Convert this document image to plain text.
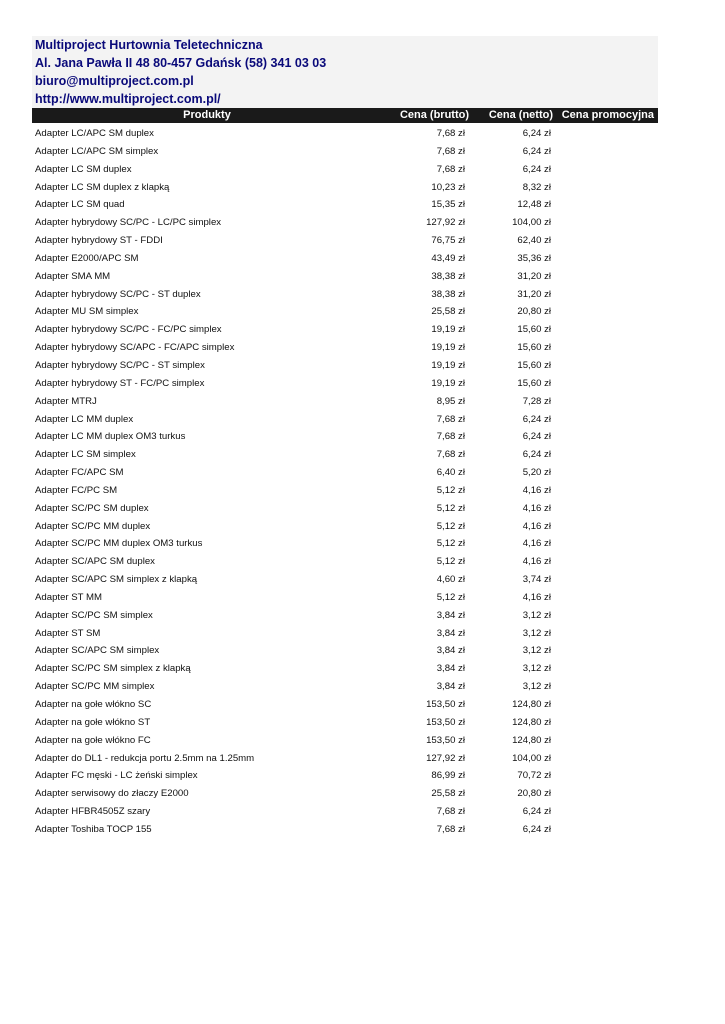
Multiproject Hurtownia Teletechniczna
Al. Jana Pawła II 48 80-457 Gdańsk (58) 341 03 03
biuro@multiproject.com.pl
http://www.multiproject.com.pl/
Produkty	Cena (brutto)	Cena (netto) Cena promocyjna
Adapter LC/APC SM duplex	7,68 zł	6,24 zł
Adapter LC/APC SM simplex	7,68 zł	6,24 zł
Adapter LC SM duplex	7,68 zł	6,24 zł
Adapter LC SM duplex z klapką	10,23 zł	8,32 zł
Adapter LC SM quad	15,35 zł	12,48 zł
Adapter hybrydowy SC/PC - LC/PC simplex	127,92 zł	104,00 zł
Adapter hybrydowy ST - FDDI	76,75 zł	62,40 zł
Adapter E2000/APC SM	43,49 zł	35,36 zł
Adapter SMA MM	38,38 zł	31,20 zł
Adapter hybrydowy SC/PC - ST duplex	38,38 zł	31,20 zł
Adapter MU SM simplex	25,58 zł	20,80 zł
Adapter hybrydowy SC/PC - FC/PC simplex	19,19 zł	15,60 zł
Adapter hybrydowy SC/APC - FC/APC simplex	19,19 zł	15,60 zł
Adapter hybrydowy SC/PC - ST simplex	19,19 zł	15,60 zł
Adapter hybrydowy ST - FC/PC simplex	19,19 zł	15,60 zł
Adapter MTRJ	8,95 zł	7,28 zł
Adapter LC MM duplex	7,68 zł	6,24 zł
Adapter LC MM duplex OM3 turkus	7,68 zł	6,24 zł
Adapter LC SM simplex	7,68 zł	6,24 zł
Adapter FC/APC SM	6,40 zł	5,20 zł
Adapter FC/PC SM	5,12 zł	4,16 zł
Adapter SC/PC SM duplex	5,12 zł	4,16 zł
Adapter SC/PC MM duplex	5,12 zł	4,16 zł
Adapter SC/PC MM duplex OM3 turkus	5,12 zł	4,16 zł
Adapter SC/APC SM duplex	5,12 zł	4,16 zł
Adapter SC/APC SM simplex z klapką	4,60 zł	3,74 zł
Adapter ST MM	5,12 zł	4,16 zł
Adapter SC/PC SM simplex	3,84 zł	3,12 zł
Adapter ST SM	3,84 zł	3,12 zł
Adapter SC/APC SM simplex	3,84 zł	3,12 zł
Adapter SC/PC SM simplex z klapką	3,84 zł	3,12 zł
Adapter SC/PC MM simplex	3,84 zł	3,12 zł
Adapter na gołe włókno SC	153,50 zł	124,80 zł
Adapter na gołe włókno ST	153,50 zł	124,80 zł
Adapter na gołe włókno FC	153,50 zł	124,80 zł
Adapter do DL1 - redukcja portu 2.5mm na 1.25mm	127,92 zł	104,00 zł
Adapter FC męski - LC żeński simplex	86,99 zł	70,72 zł
Adapter serwisowy do złaczy E2000	25,58 zł	20,80 zł
Adapter HFBR4505Z szary	7,68 zł	6,24 zł
Adapter Toshiba TOCP 155	7,68 zł	6,24 zł
